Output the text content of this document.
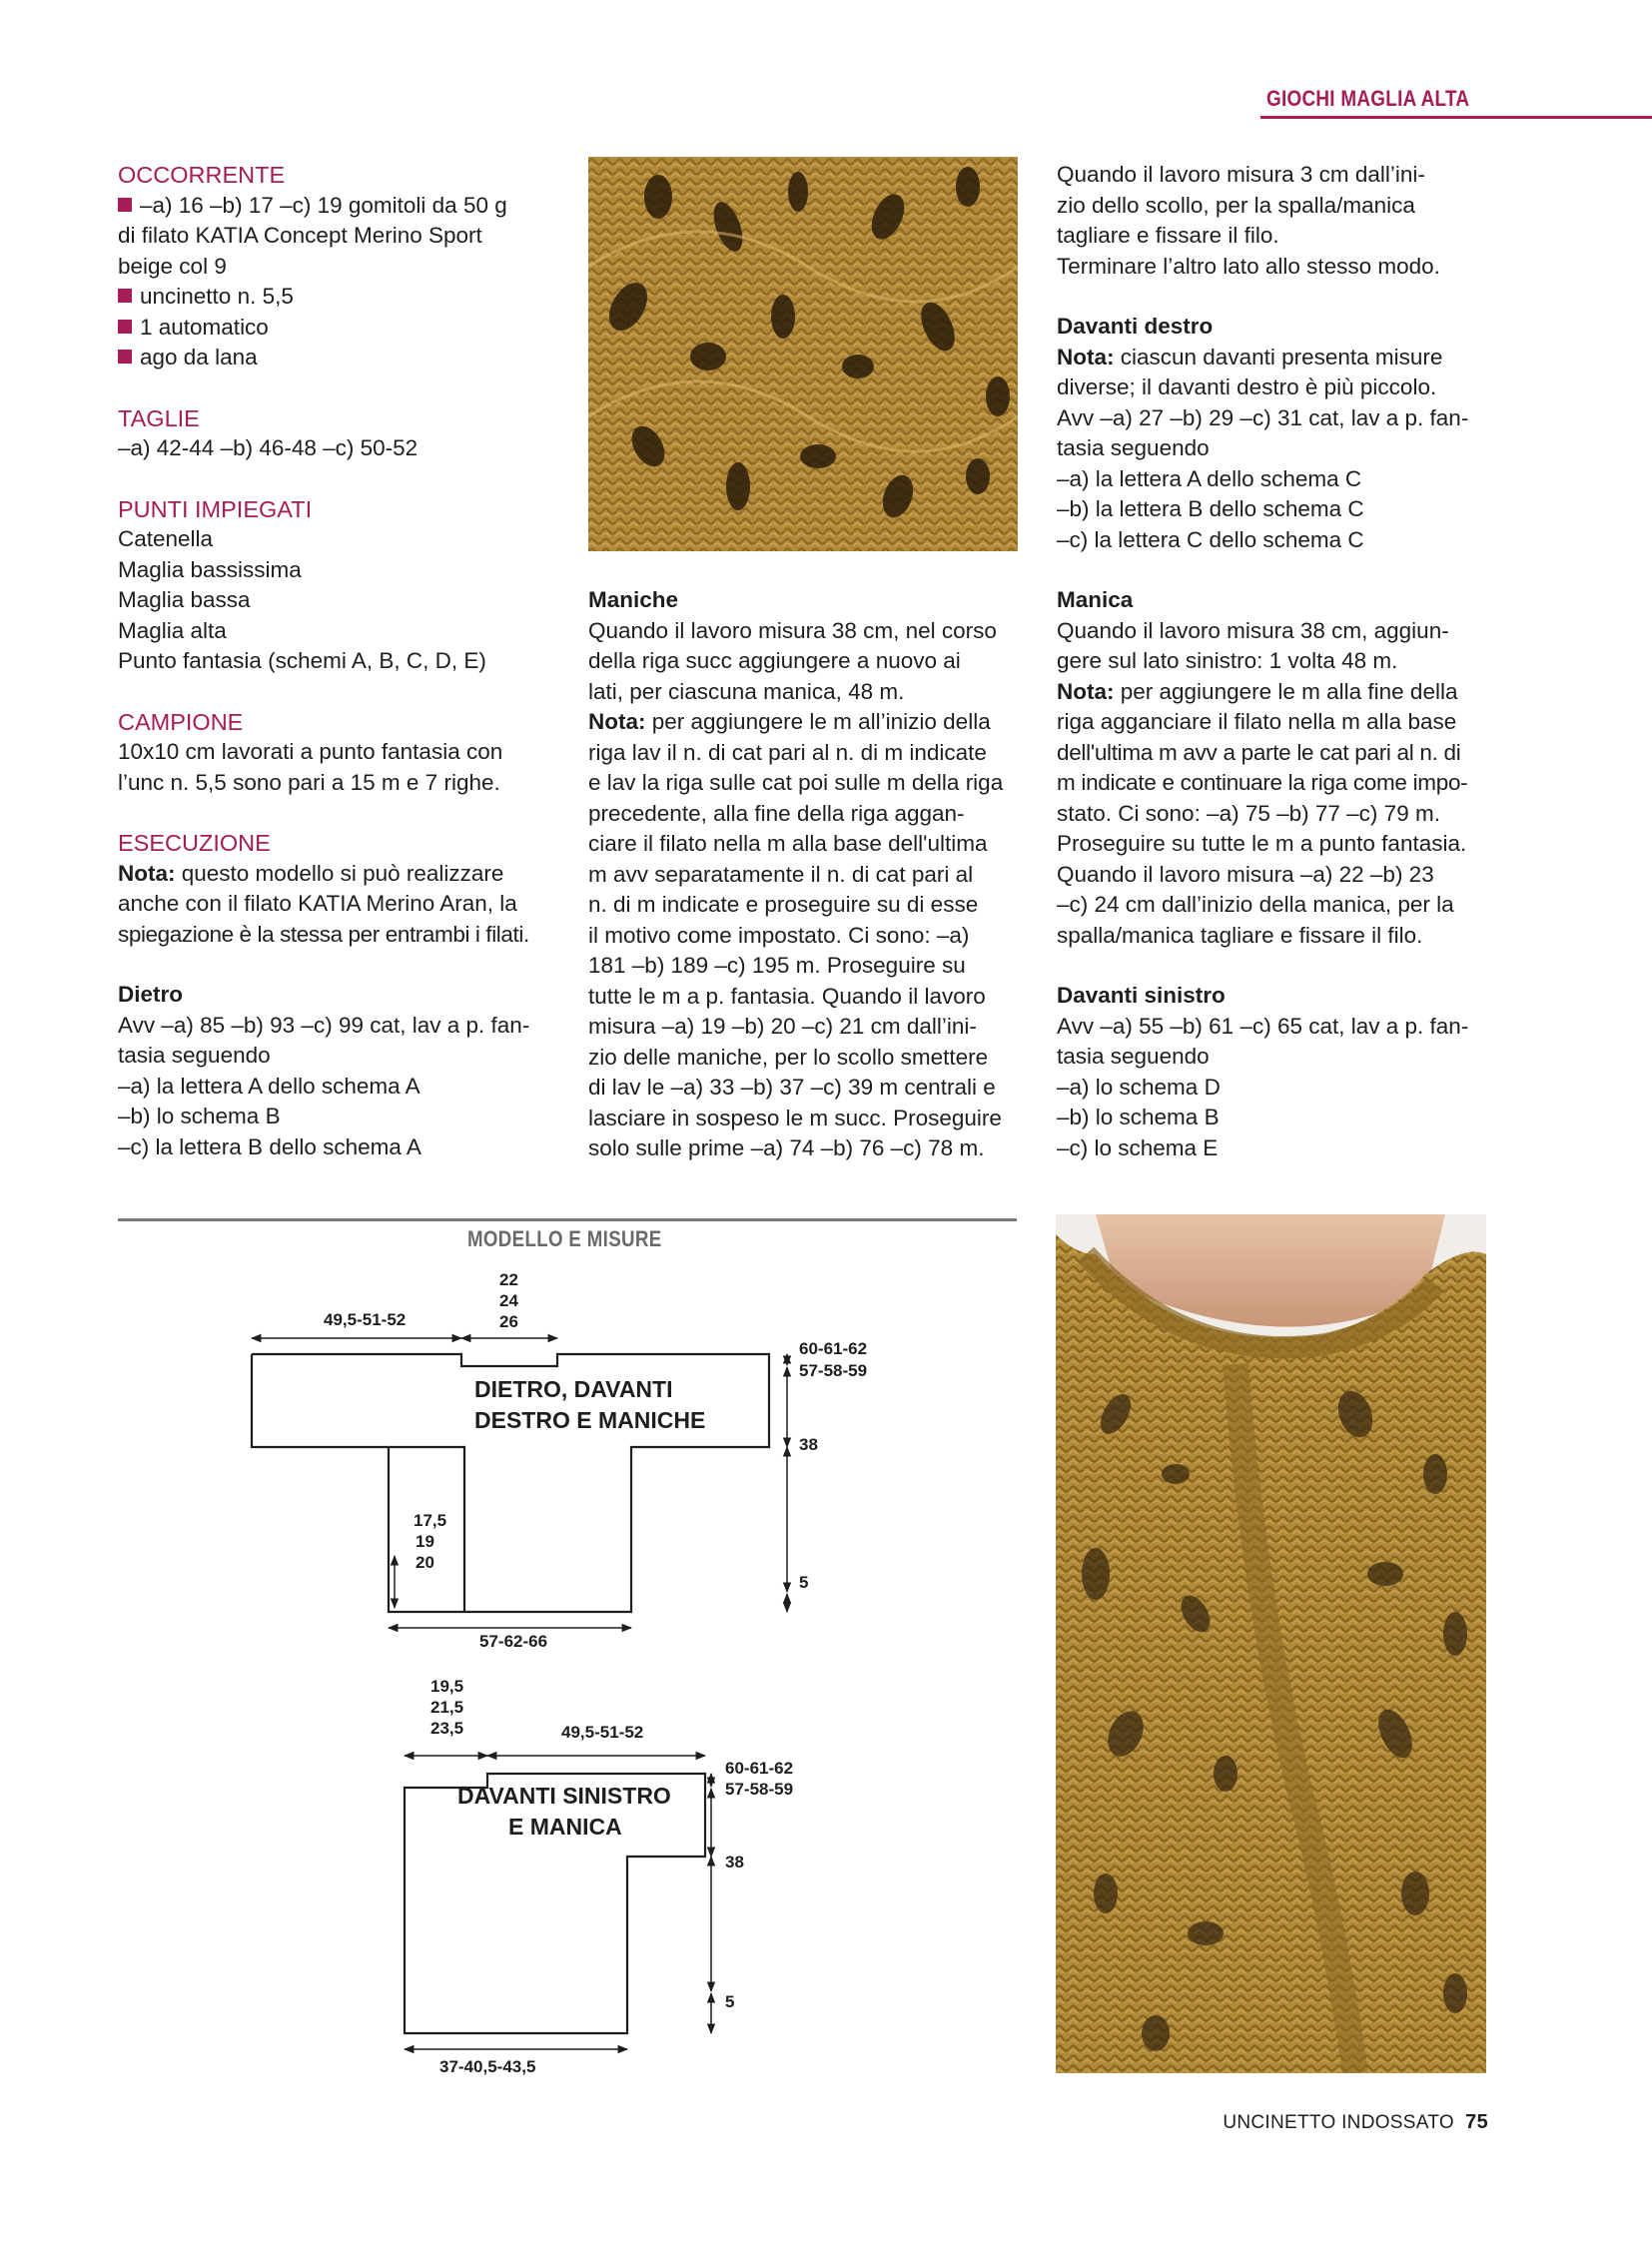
GIOCHI MAGLIA ALTA

OCCORRENTE

–a) 16 –b) 17 –c) 19 gomitoli da 50 g

di filato KATIA Concept Merino Sport

beige col 9

uncinetto n. 5,5

1 automatico

ago da lana

TAGLIE

–a) 42-44 –b) 46-48 –c) 50-52

PUNTI IMPIEGATI

Catenella

Maglia bassissima

Maglia bassa

Maglia alta

Punto fantasia (schemi A, B, C, D, E)

CAMPIONE

10x10 cm lavorati a punto fantasia con

l’unc n. 5,5 sono pari a 15 m e 7 righe.

ESECUZIONE

Nota: questo modello si può realizzare

anche con il filato KATIA Merino Aran, la

spiegazione è la stessa per entrambi i filati.

Dietro

Avv –a) 85 –b) 93 –c) 99 cat, lav a p. fan-

tasia seguendo

–a) la lettera A dello schema A

–b) lo schema B

–c) la lettera B dello schema A

Maniche

Quando il lavoro misura 38 cm, nel corso

della riga succ aggiungere a nuovo ai

lati, per ciascuna manica, 48 m.

Nota: per aggiungere le m all’inizio della

riga lav il n. di cat pari al n. di m indicate

e lav la riga sulle cat poi sulle m della riga

precedente, alla fine della riga aggan-

ciare il filato nella m alla base dell'ultima

m avv separatamente il n. di cat pari al

n. di m indicate e proseguire su di esse

il motivo come impostato. Ci sono: –a)

181 –b) 189 –c) 195 m. Proseguire su

tutte le m a p. fantasia. Quando il lavoro

misura –a) 19 –b) 20 –c) 21 cm dall’ini-

zio delle maniche, per lo scollo smettere

di lav le –a) 33 –b) 37 –c) 39 m centrali e

lasciare in sospeso le m succ. Proseguire

solo sulle prime –a) 74 –b) 76 –c) 78 m.

Quando il lavoro misura 3 cm dall’ini-

zio dello scollo, per la spalla/manica

tagliare e fissare il filo.

Terminare l’altro lato allo stesso modo.

Davanti destro

Nota: ciascun davanti presenta misure

diverse; il davanti destro è più piccolo.

Avv –a) 27 –b) 29 –c) 31 cat, lav a p. fan-

tasia seguendo

–a) la lettera A dello schema C

–b) la lettera B dello schema C

–c) la lettera C dello schema C

Manica

Quando il lavoro misura 38 cm, aggiun-

gere sul lato sinistro: 1 volta 48 m.

Nota: per aggiungere le m alla fine della

riga agganciare il filato nella m alla base

dell'ultima m avv a parte le cat pari al n. di

m indicate e continuare la riga come impo-

stato. Ci sono: –a) 75 –b) 77 –c) 79 m.

Proseguire su tutte le m a punto fantasia.

Quando il lavoro misura –a) 22 –b) 23

–c) 24 cm dall’inizio della manica, per la

spalla/manica tagliare e fissare il filo.

Davanti sinistro

Avv –a) 55 –b) 61 –c) 65 cat, lav a p. fan-

tasia seguendo

–a) lo schema D

–b) lo schema B

–c) lo schema E

MODELLO E MISURE
DIETRO, DAVANTI
DESTRO E MANICHE
49,5-51-52
22
24
26
60-61-62
57-58-59
38
5
17,5
19
20
57-62-66
DAVANTI SINISTRO
E MANICA
19,5
21,5
23,5	49,5-51-52
60-61-62
57-58-59
38
5
37-40,5-43,5
UNCINETTO INDOSSATO 75
